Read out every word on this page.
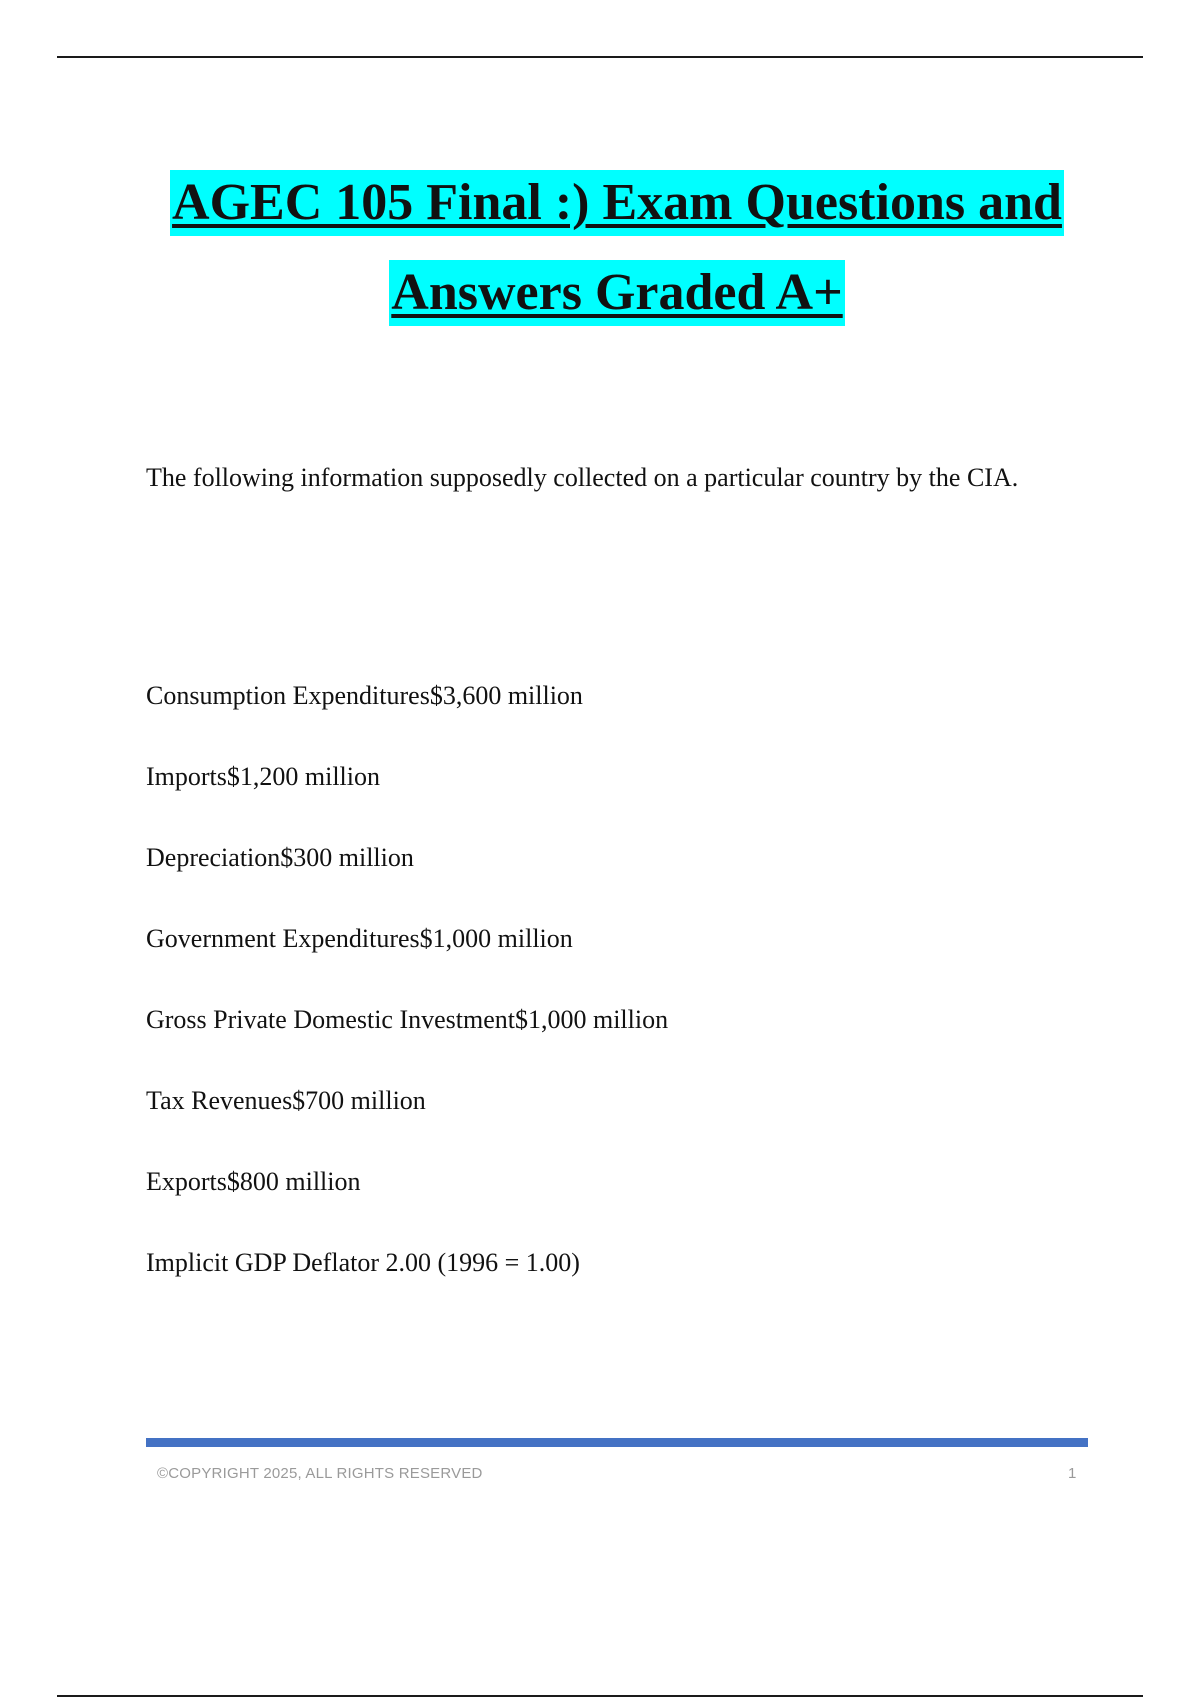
AGEC 105 Final :) Exam Questions and
Answers Graded A+

The following information supposedly collected on a particular country by the CIA.

Consumption Expenditures$3,600 million
Imports$1,200 million
Depreciation$300 million
Government Expenditures$1,000 million
Gross Private Domestic Investment$1,000 million
Tax Revenues$700 million
Exports$800 million
Implicit GDP Deflator 2.00 (1996 = 1.00)
©COPYRIGHT 2025, ALL RIGHTS RESERVED	1
